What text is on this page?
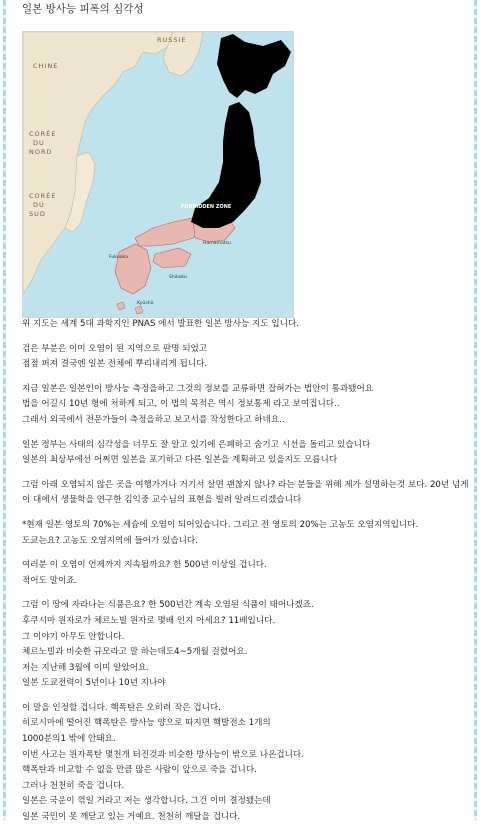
일본 방사능 피폭의 심각성
RUSSIE
CHINE
CORÉE
DU
NORD
CORÉE
DU
SUD
FORBIDDEN ZONE
Hamamatsu
Shikoku
Fukuoka
Kyūshū

위 지도는 세계 5대 과학지인 PNAS 에서 발표한 일본 방사능 지도 입니다.

검은 부분은 이미 오염이 된 지역으로 판명 되었고

점점 퍼져 결국엔 일본 전체에 뿌리내리게 됩니다.

지금 일본은 일본인이 방사능 측정을하고 그것의 정보를 교류하면 잡혀가는 법안이 통과됐어요

법을 어길시 10년 형에 처하게 되고, 이 법의 목적은 역시 정보통제 라고 보여집니다..

그래서 외국에서 전문가들이 측정을하고 보고서를 작성한다고 하네요..

일본 정부는 사태의 심각성을 너무도 잘 알고 있기에 은폐하고 숨기고 시선을 돌리고 있습니다

일본의 최상부에선 어쩌면 일본을 포기하고 다른 일본을 계획하고 있을지도 모릅니다

그럼 아래 오염되지 않은 곳을 여행가거나 거기서 살면 괜찮지 않나? 라는 분들을 위해 제가 설명하는것 보다. 20년 넘게 이 대에서 생물학을 연구한 김익중 교수님의 표현을 빌려 알려드리겠습니다

*현재 일본 영토의 70%는 세슘에 오염이 되어있습니다. 그리고 전 영토의 20%는 고농도 오염지역입니다.

도쿄는요? 고농도 오염지역에 들어가 있습니다.

여러분 이 오염이 언제까지 지속될까요? 한 500년 이상일 겁니다.

적어도 말이죠.

그럼 이 땅에 자라나는 식품은요? 한 500년간 계속 오염된 식품이 태어나겠죠.

후쿠시마 원자로가 체르노빌 원자로 몇배 인지 아세요? 11배입니다.

그 이야기 아무도 안합니다.

체르노빌과 비슷한 규모라고 말 하는데도4~5개월 걸렸어요.

저는 지난해 3월에 이미 알았어요.

일본 도쿄전력이 5년이나 10년 지나야

이 말을 인정할 겁니다. 핵폭탄은 오히려 작은 겁니다.

히로시마에 떨어진 핵폭탄은 방사능 양으로 따지면 핵발전소 1개의

1000분의1 밖에 안돼요.

이번 사고는 원자폭탄 몇천개 터진것과 비슷한 방사능이 밖으로 나온겁니다.

핵폭탄과 비교할 수 없을 만큼 많은 사람이 앞으로 죽을 겁니다.

그러나 천천히 죽을 겁니다.

일본은 국운이 꺾일 거라고 저는 생각합니다. 그건 이미 결정됐는데

일본 국민이 못 깨닫고 있는 거예요. 천천히 깨달을 겁니다.
